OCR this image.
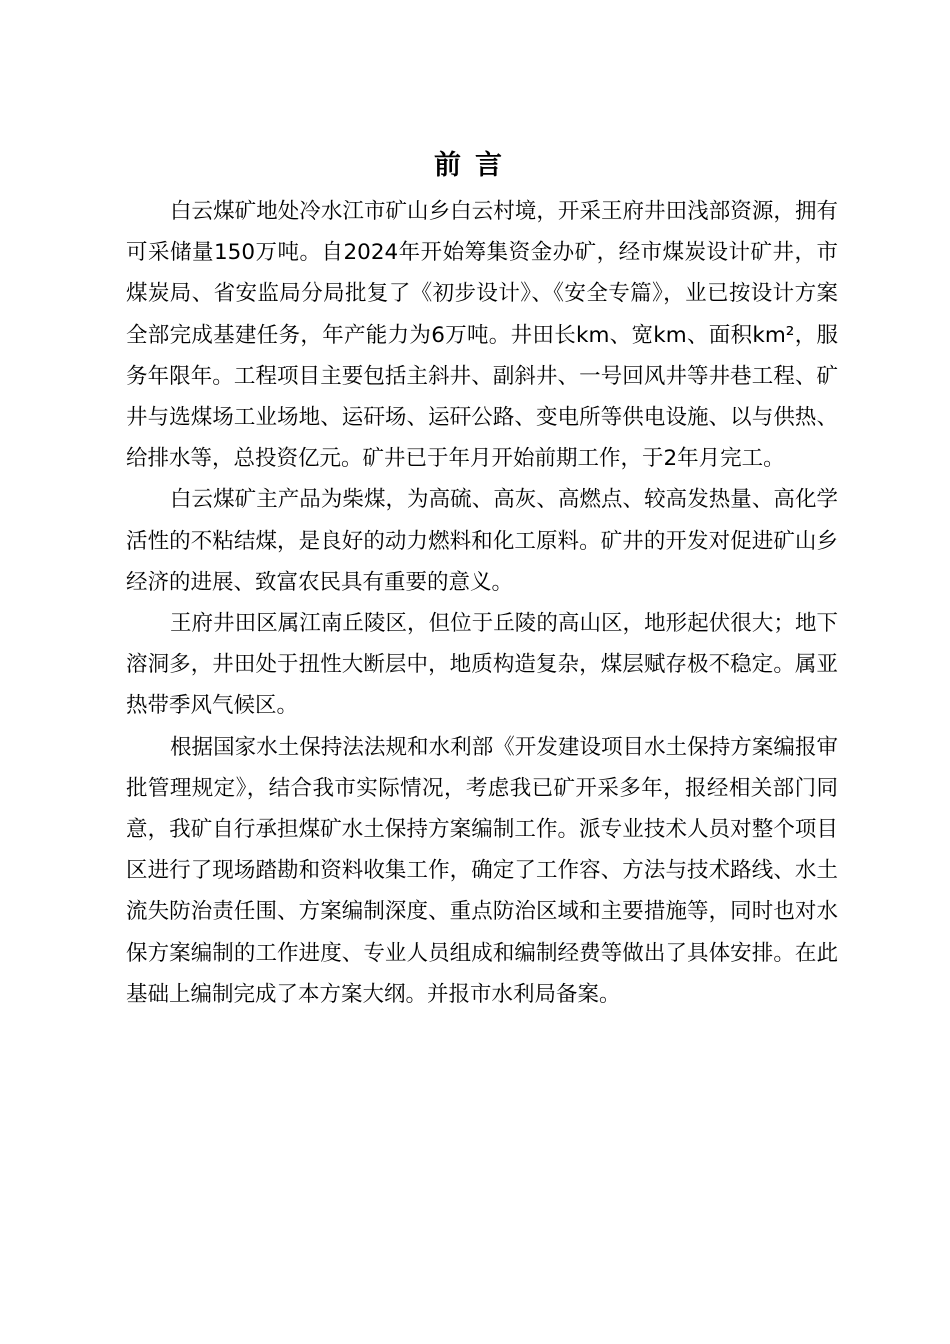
前言

白云煤矿地处冷水江市矿山乡白云村境，开采王府井田浅部资源，拥有可采储量150万吨。自2024年开始筹集资金办矿，经市煤炭设计矿井，市煤炭局、省安监局分局批复了《初步设计》、《安全专篇》，业已按设计方案全部完成基建任务，年产能力为6万吨。井田长km、宽km、面积km²，服务年限年。工程项目主要包括主斜井、副斜井、一号回风井等井巷工程、矿井与选煤场工业场地、运矸场、运矸公路、变电所等供电设施、以与供热、给排水等，总投资亿元。矿井已于年月开始前期工作，于2年月完工。

白云煤矿主产品为柴煤，为高硫、高灰、高燃点、较高发热量、高化学活性的不粘结煤，是良好的动力燃料和化工原料。矿井的开发对促进矿山乡经济的进展、致富农民具有重要的意义。

王府井田区属江南丘陵区，但位于丘陵的高山区，地形起伏很大；地下溶洞多，井田处于扭性大断层中，地质构造复杂，煤层赋存极不稳定。属亚热带季风气候区。

根据国家水土保持法法规和水利部《开发建设项目水土保持方案编报审批管理规定》，结合我市实际情况，考虑我已矿开采多年，报经相关部门同意，我矿自行承担煤矿水土保持方案编制工作。派专业技术人员对整个项目区进行了现场踏勘和资料收集工作，确定了工作容、方法与技术路线、水土流失防治责任围、方案编制深度、重点防治区域和主要措施等，同时也对水保方案编制的工作进度、专业人员组成和编制经费等做出了具体安排。在此基础上编制完成了本方案大纲。并报市水利局备案。
